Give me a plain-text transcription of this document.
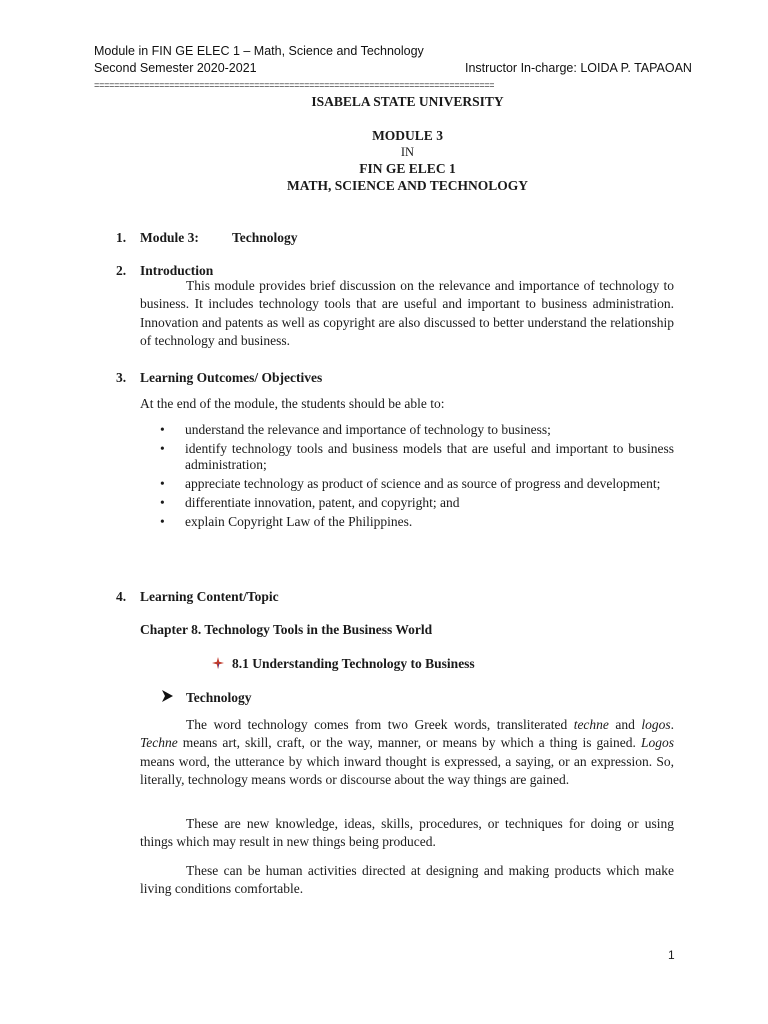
Module in FIN GE ELEC 1 – Math, Science and Technology
Second Semester 2020-2021	Instructor In-charge: LOIDA P. TAPAOAN
================================================================================
ISABELA STATE UNIVERSITY
MODULE 3
IN
FIN GE ELEC 1
MATH, SCIENCE AND TECHNOLOGY
1. Module 3: Technology
2. Introduction

This module provides brief discussion on the relevance and importance of technology to business. It includes technology tools that are useful and important to business administration. Innovation and patents as well as copyright are also discussed to better understand the relationship of technology and business.

3. Learning Outcomes/ Objectives

At the end of the module, the students should be able to:

• understand the relevance and importance of technology to business;
• identify technology tools and business models that are useful and important to business administration;
• appreciate technology as product of science and as source of progress and development;
• differentiate innovation, patent, and copyright; and
• explain Copyright Law of the Philippines.
4. Learning Content/Topic
Chapter 8. Technology Tools in the Business World
8.1 Understanding Technology to Business
Technology

The word technology comes from two Greek words, transliterated techne and logos. Techne means art, skill, craft, or the way, manner, or means by which a thing is gained. Logos means word, the utterance by which inward thought is expressed, a saying, or an expression. So, literally, technology means words or discourse about the way things are gained.

These are new knowledge, ideas, skills, procedures, or techniques for doing or using things which may result in new things being produced.

These can be human activities directed at designing and making products which make living conditions comfortable.

1
